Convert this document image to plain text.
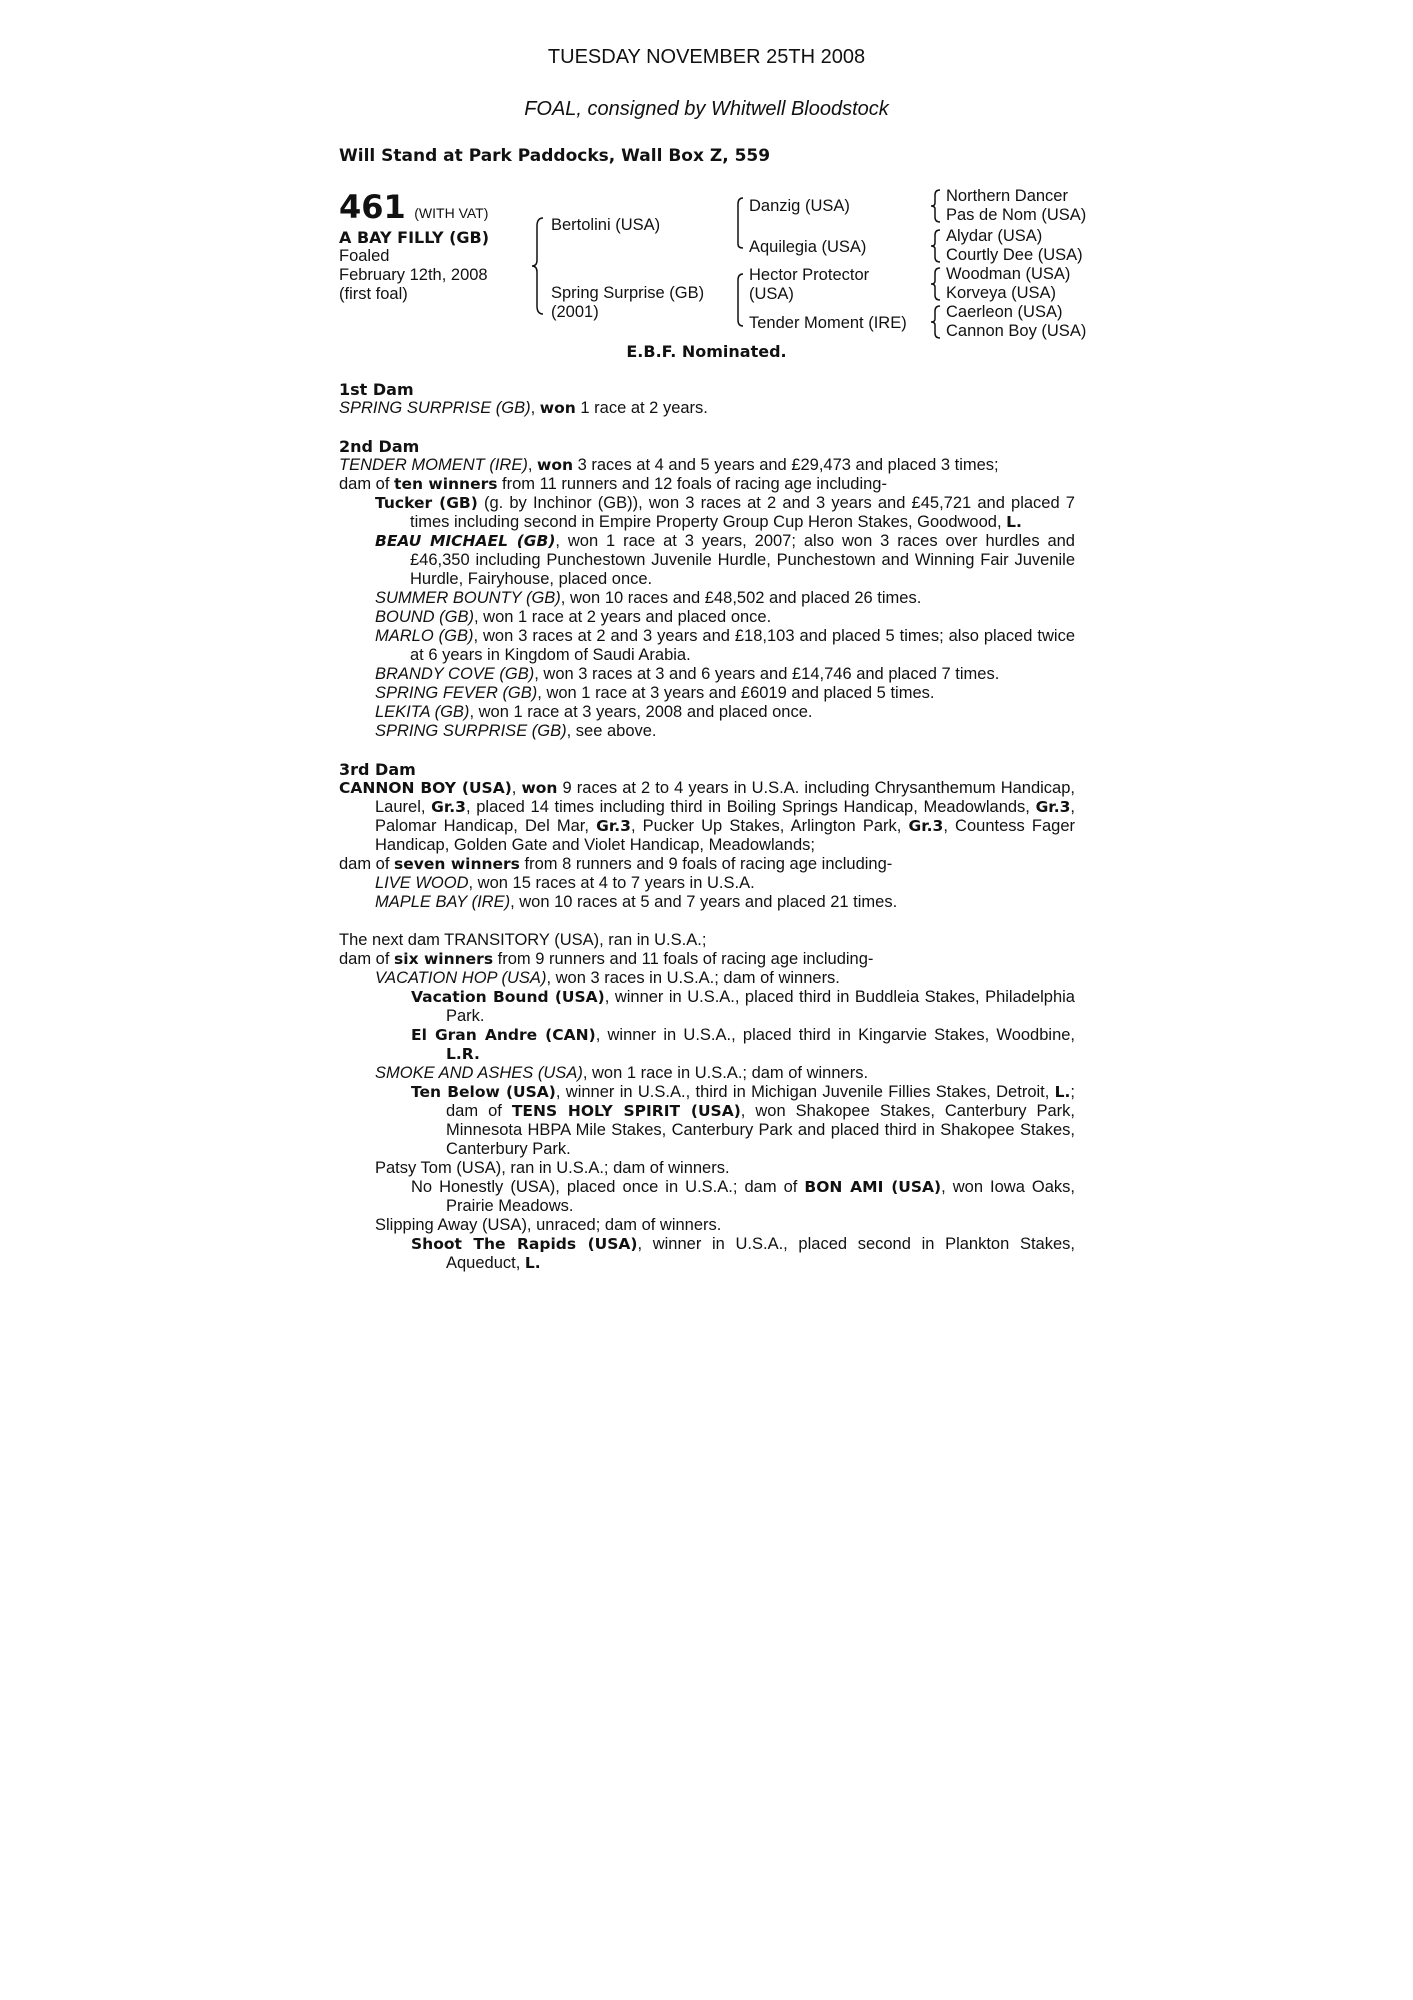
TUESDAY NOVEMBER 25TH 2008
FOAL, consigned by Whitwell Bloodstock
Will Stand at Park Paddocks, Wall Box Z, 559
461 (WITH VAT)
A BAY FILLY (GB)
Foaled
February 12th, 2008
(first foal)
Bertolini (USA)
Spring Surprise (GB)
(2001)
Danzig (USA)
Aquilegia (USA)
Hector Protector
(USA)
Tender Moment (IRE)
Northern Dancer
Pas de Nom (USA)
Alydar (USA)
Courtly Dee (USA)
Woodman (USA)
Korveya (USA)
Caerleon (USA)
Cannon Boy (USA)
E.B.F. Nominated.

1st Dam

SPRING SURPRISE (GB), won 1 race at 2 years.

2nd Dam

TENDER MOMENT (IRE), won 3 races at 4 and 5 years and £29,473 and placed 3 times;

dam of ten winners from 11 runners and 12 foals of racing age including-

Tucker (GB) (g. by Inchinor (GB)), won 3 races at 2 and 3 years and £45,721 and placed 7 times including second in Empire Property Group Cup Heron Stakes, Goodwood, L.

BEAU MICHAEL (GB), won 1 race at 3 years, 2007; also won 3 races over hurdles and £46,350 including Punchestown Juvenile Hurdle, Punchestown and Winning Fair Juvenile Hurdle, Fairyhouse, placed once.

SUMMER BOUNTY (GB), won 10 races and £48,502 and placed 26 times.

BOUND (GB), won 1 race at 2 years and placed once.

MARLO (GB), won 3 races at 2 and 3 years and £18,103 and placed 5 times; also placed twice at 6 years in Kingdom of Saudi Arabia.

BRANDY COVE (GB), won 3 races at 3 and 6 years and £14,746 and placed 7 times.

SPRING FEVER (GB), won 1 race at 3 years and £6019 and placed 5 times.

LEKITA (GB), won 1 race at 3 years, 2008 and placed once.

SPRING SURPRISE (GB), see above.

3rd Dam

CANNON BOY (USA), won 9 races at 2 to 4 years in U.S.A. including Chrysanthemum Handicap, Laurel, Gr.3, placed 14 times including third in Boiling Springs Handicap, Meadowlands, Gr.3, Palomar Handicap, Del Mar, Gr.3, Pucker Up Stakes, Arlington Park, Gr.3, Countess Fager Handicap, Golden Gate and Violet Handicap, Meadowlands;

dam of seven winners from 8 runners and 9 foals of racing age including-

LIVE WOOD, won 15 races at 4 to 7 years in U.S.A.

MAPLE BAY (IRE), won 10 races at 5 and 7 years and placed 21 times.

The next dam TRANSITORY (USA), ran in U.S.A.;

dam of six winners from 9 runners and 11 foals of racing age including-

VACATION HOP (USA), won 3 races in U.S.A.; dam of winners.

Vacation Bound (USA), winner in U.S.A., placed third in Buddleia Stakes, Philadelphia Park.

El Gran Andre (CAN), winner in U.S.A., placed third in Kingarvie Stakes, Woodbine, L.R.

SMOKE AND ASHES (USA), won 1 race in U.S.A.; dam of winners.

Ten Below (USA), winner in U.S.A., third in Michigan Juvenile Fillies Stakes, Detroit, L.; dam of TENS HOLY SPIRIT (USA), won Shakopee Stakes, Canterbury Park, Minnesota HBPA Mile Stakes, Canterbury Park and placed third in Shakopee Stakes, Canterbury Park.

Patsy Tom (USA), ran in U.S.A.; dam of winners.

No Honestly (USA), placed once in U.S.A.; dam of BON AMI (USA), won Iowa Oaks, Prairie Meadows.

Slipping Away (USA), unraced; dam of winners.

Shoot The Rapids (USA), winner in U.S.A., placed second in Plankton Stakes, Aqueduct, L.
